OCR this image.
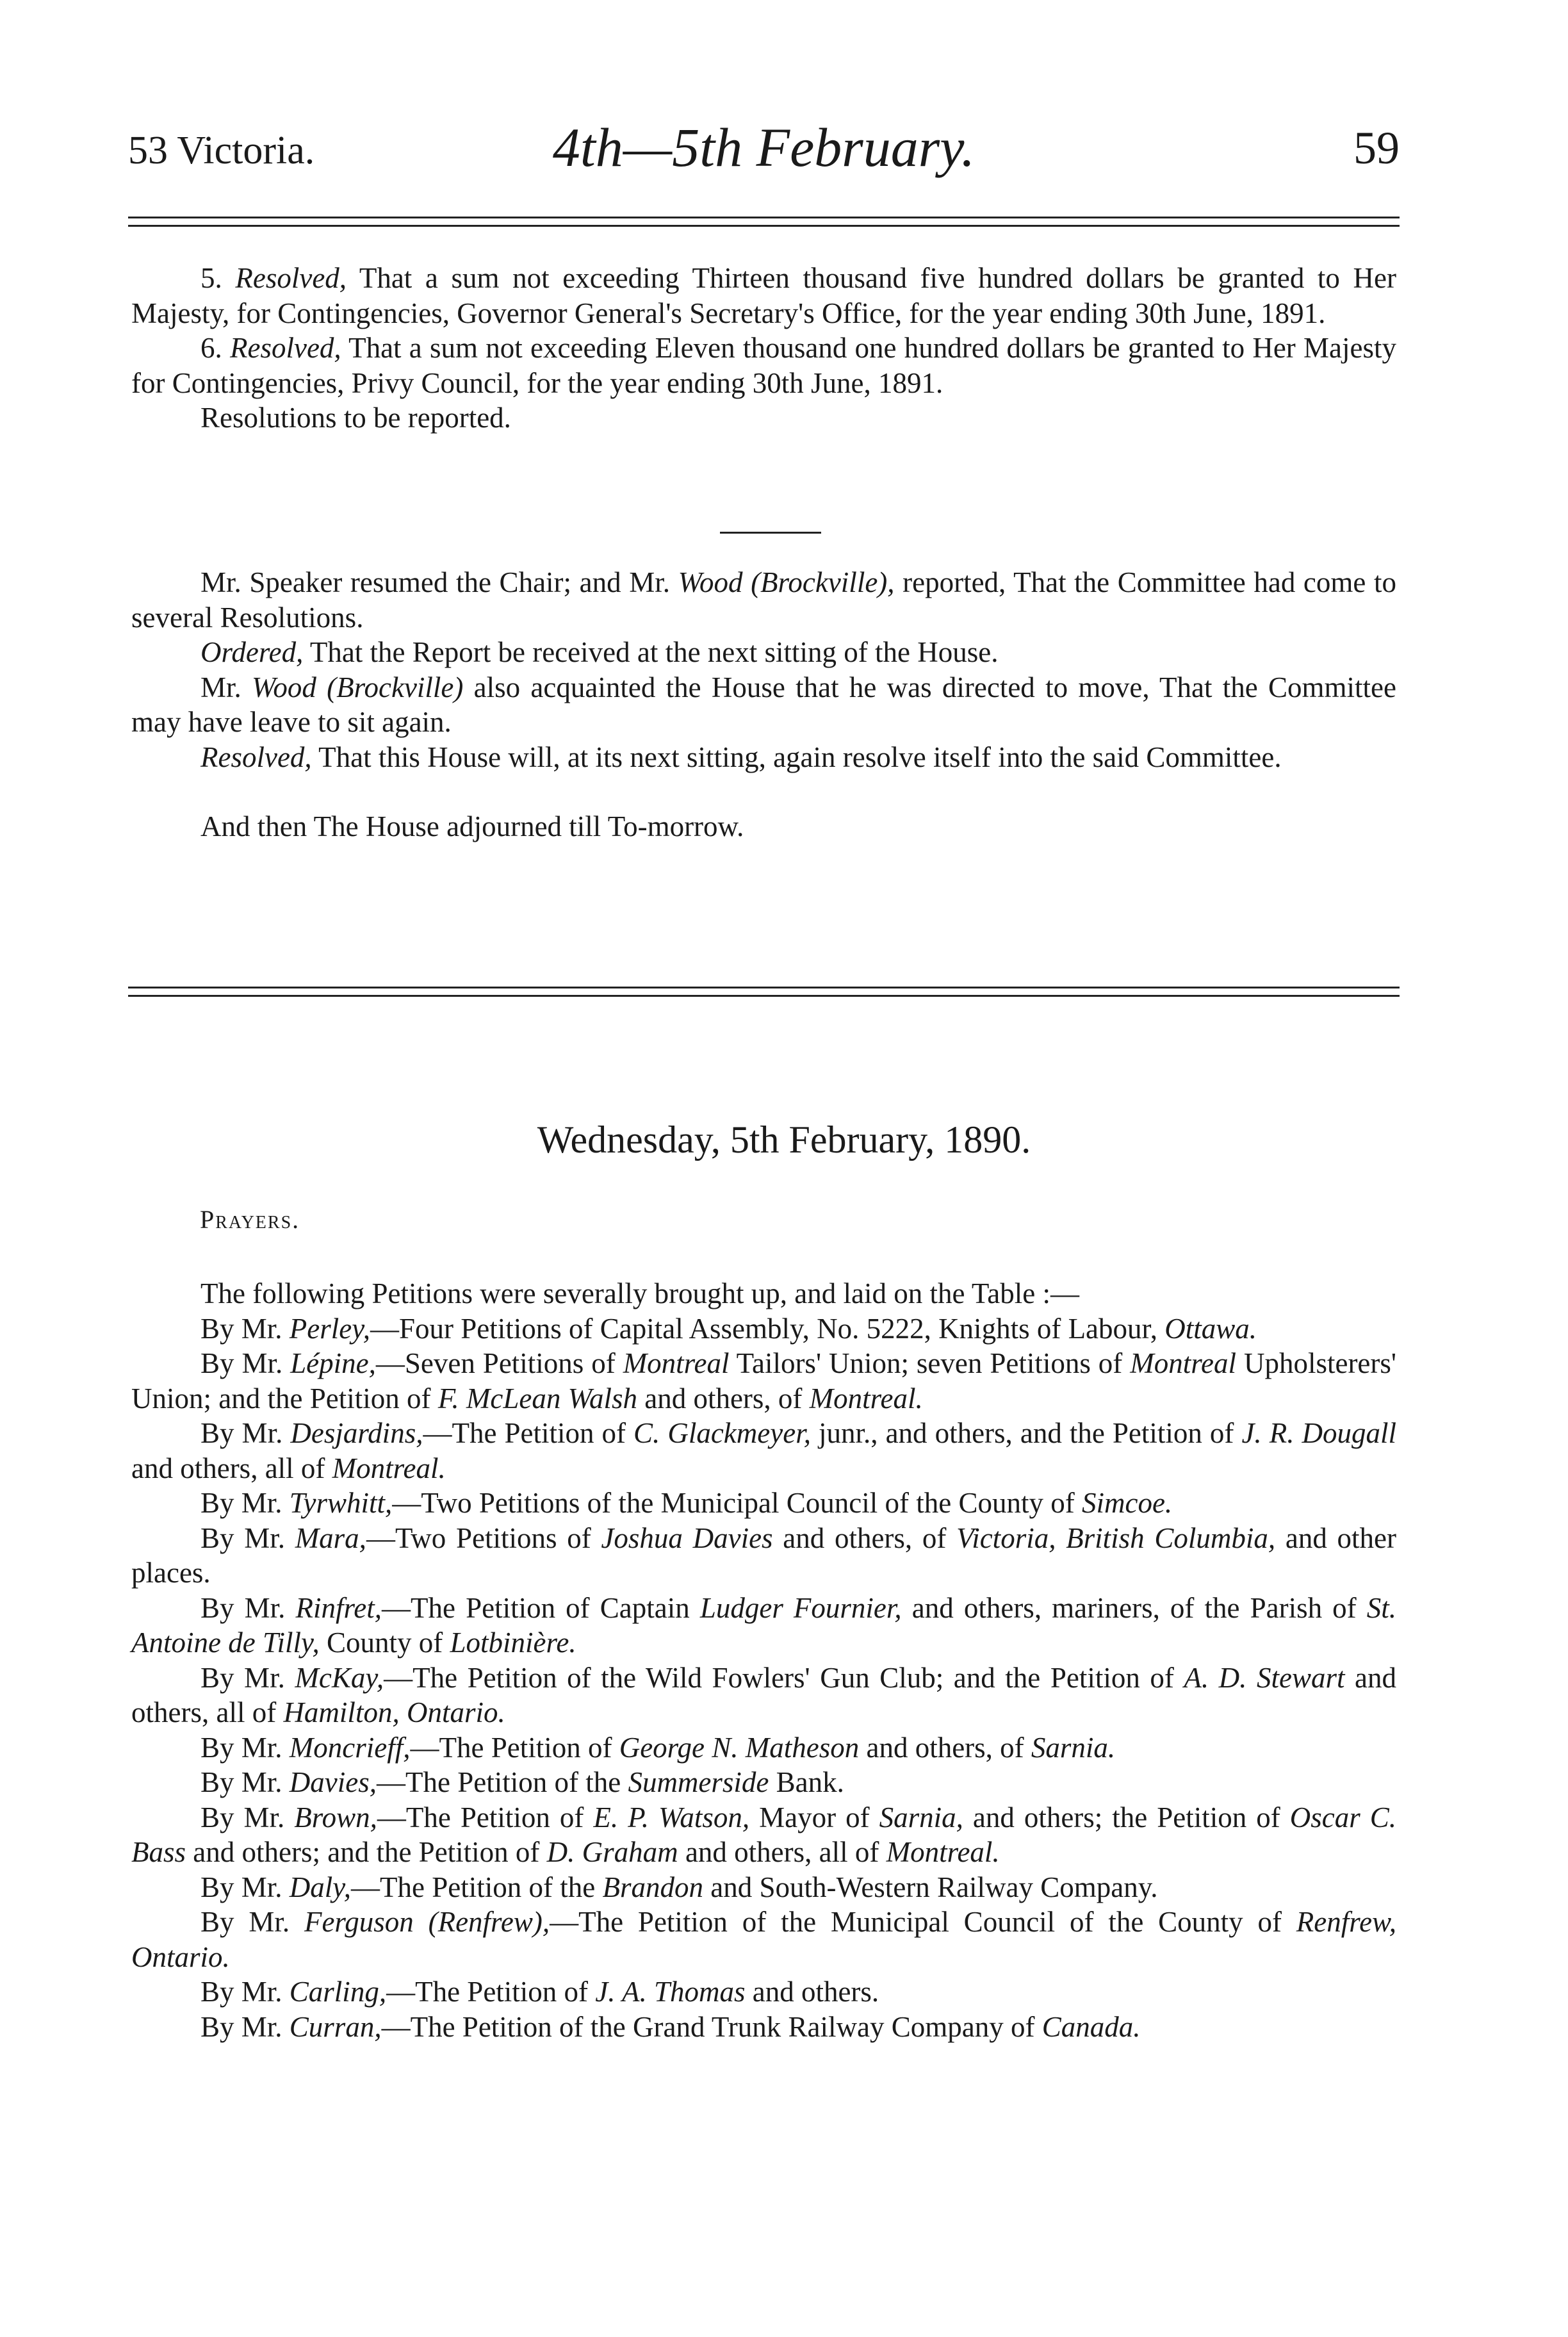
53 Victoria.	4th—5th February.	59

5. Resolved, That a sum not exceeding Thirteen thousand five hundred dollars be granted to Her Majesty, for Contingencies, Governor General's Secretary's Office, for the year ending 30th June, 1891.

6. Resolved, That a sum not exceeding Eleven thousand one hundred dollars be granted to Her Majesty for Contingencies, Privy Council, for the year ending 30th June, 1891.

Resolutions to be reported.

Mr. Speaker resumed the Chair; and Mr. Wood (Brockville), reported, That the Committee had come to several Resolutions.

Ordered, That the Report be received at the next sitting of the House.

Mr. Wood (Brockville) also acquainted the House that he was directed to move, That the Committee may have leave to sit again.

Resolved, That this House will, at its next sitting, again resolve itself into the said Committee.

And then The House adjourned till To-morrow.

Wednesday, 5th February, 1890.
Prayers.

The following Petitions were severally brought up, and laid on the Table :—

By Mr. Perley,—Four Petitions of Capital Assembly, No. 5222, Knights of Labour, Ottawa.

By Mr. Lépine,—Seven Petitions of Montreal Tailors' Union; seven Petitions of Montreal Upholsterers' Union; and the Petition of F. McLean Walsh and others, of Montreal.

By Mr. Desjardins,—The Petition of C. Glackmeyer, junr., and others, and the Petition of J. R. Dougall and others, all of Montreal.

By Mr. Tyrwhitt,—Two Petitions of the Municipal Council of the County of Simcoe.

By Mr. Mara,—Two Petitions of Joshua Davies and others, of Victoria, British Columbia, and other places.

By Mr. Rinfret,—The Petition of Captain Ludger Fournier, and others, mariners, of the Parish of St. Antoine de Tilly, County of Lotbinière.

By Mr. McKay,—The Petition of the Wild Fowlers' Gun Club; and the Petition of A. D. Stewart and others, all of Hamilton, Ontario.

By Mr. Moncrieff,—The Petition of George N. Matheson and others, of Sarnia.

By Mr. Davies,—The Petition of the Summerside Bank.

By Mr. Brown,—The Petition of E. P. Watson, Mayor of Sarnia, and others; the Petition of Oscar C. Bass and others; and the Petition of D. Graham and others, all of Montreal.

By Mr. Daly,—The Petition of the Brandon and South-Western Railway Company.

By Mr. Ferguson (Renfrew),—The Petition of the Municipal Council of the County of Renfrew, Ontario.

By Mr. Carling,—The Petition of J. A. Thomas and others.

By Mr. Curran,—The Petition of the Grand Trunk Railway Company of Canada.
